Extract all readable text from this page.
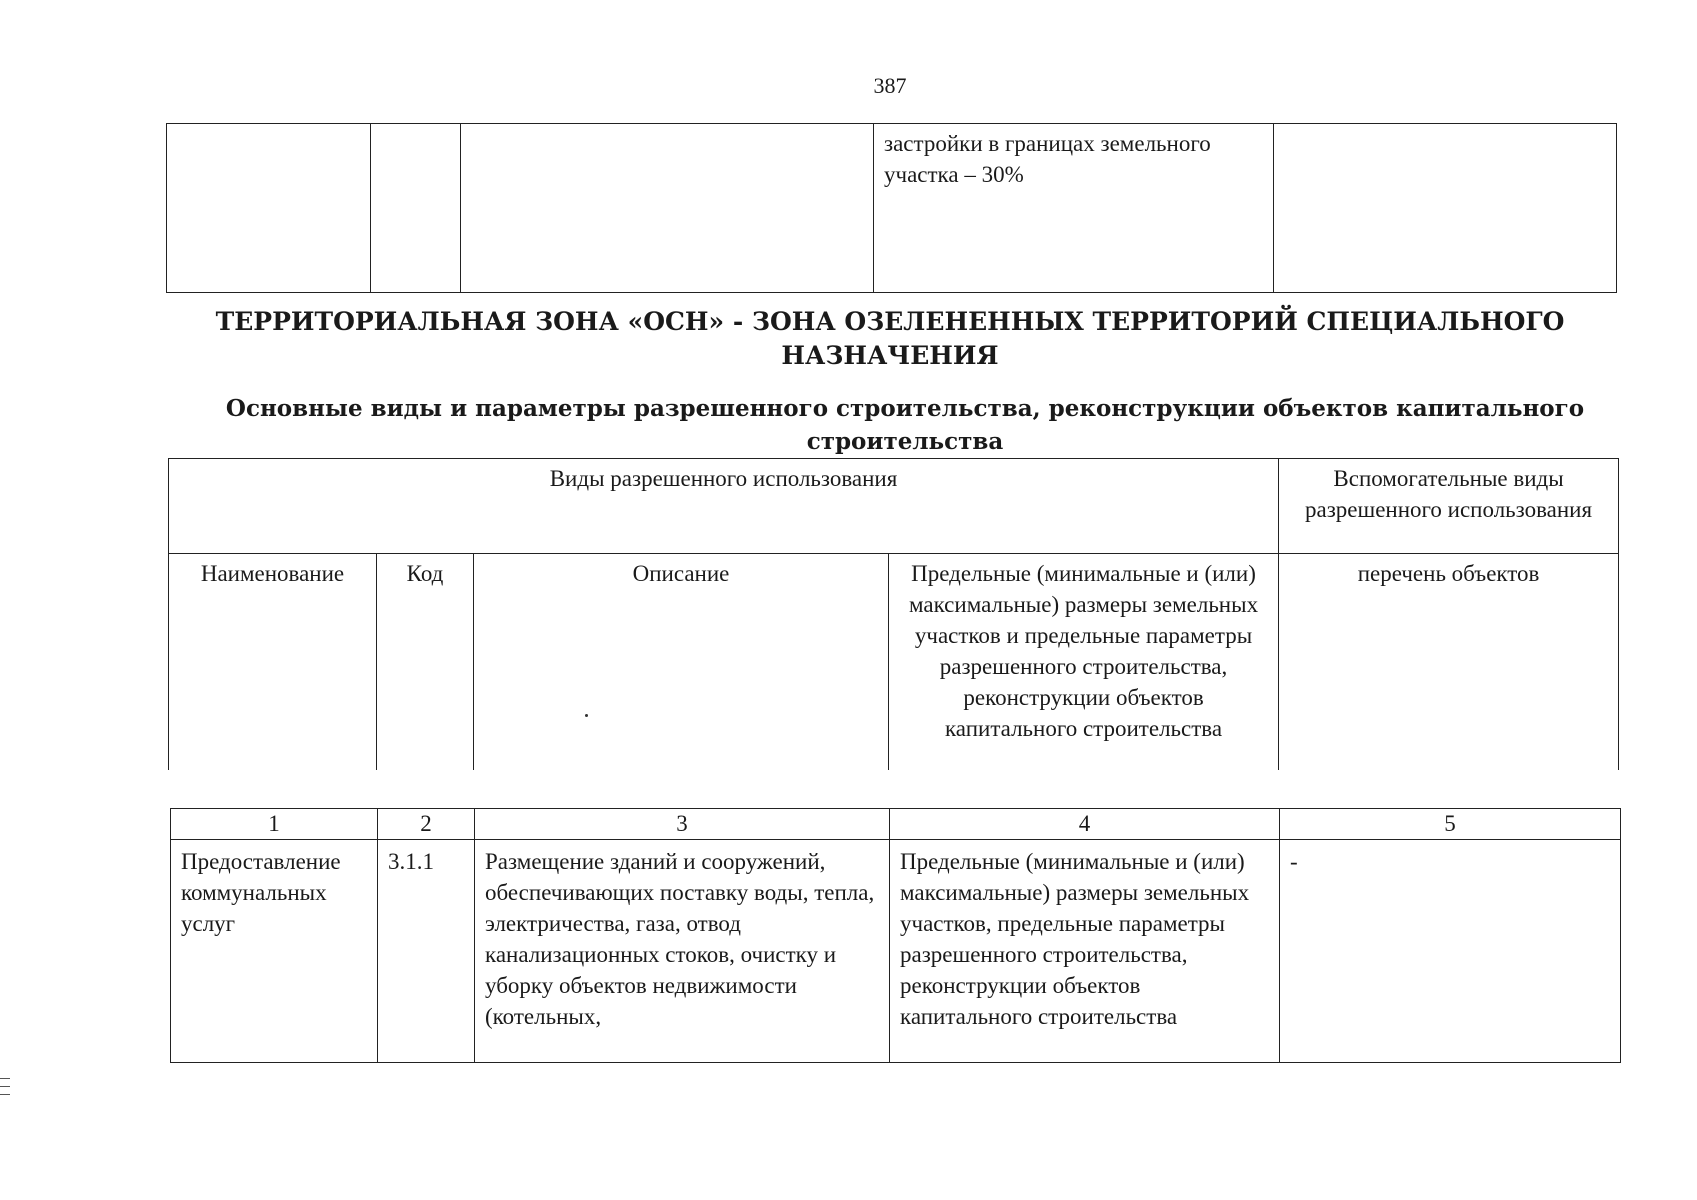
387
			застройки в границах земельного участка – 30%	
ТЕРРИТОРИАЛЬНАЯ ЗОНА «ОСН» - ЗОНА ОЗЕЛЕНЕННЫХ ТЕРРИТОРИЙ СПЕЦИАЛЬНОГО НАЗНАЧЕНИЯ
Основные виды и параметры разрешенного строительства, реконструкции объектов капитального строительства
Виды разрешенного использования				Вспомогательные виды разрешенного использования
Наименование	Код	Описание	Предельные (минимальные и (или) максимальные) размеры земельных участков и предельные параметры разрешенного строительства, реконструкции объектов капитального строительства	перечень объектов
1	2	3	4	5
Предоставление коммунальных услуг	3.1.1	Размещение зданий и сооружений, обеспечивающих поставку воды, тепла, электричества, газа, отвод канализационных стоков, очистку и уборку объектов недвижимости (котельных,	Предельные (минимальные и (или) максимальные) размеры земельных участков, предельные параметры разрешенного строительства, реконструкции объектов капитального строительства	-
